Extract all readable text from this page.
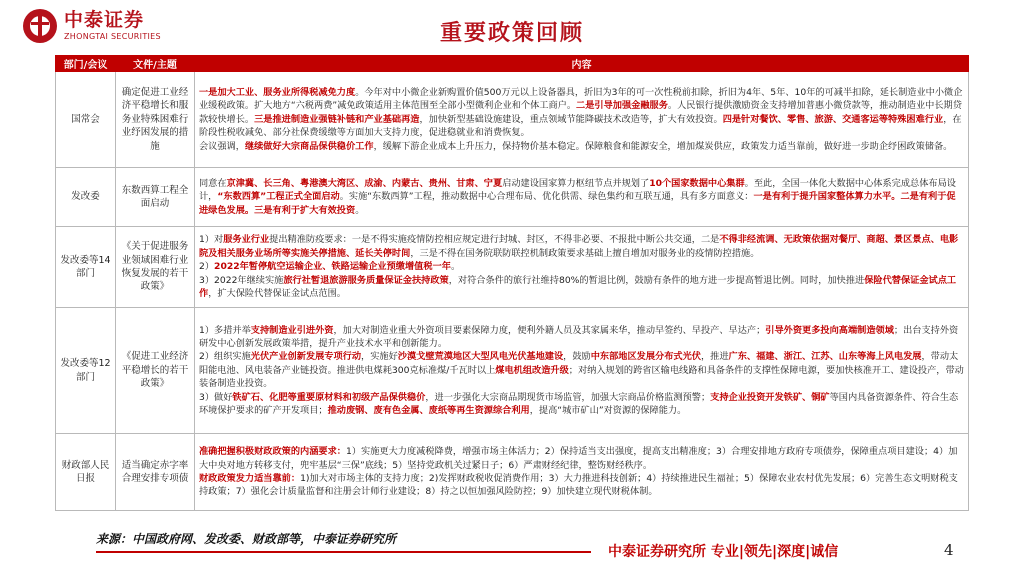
中泰证券
ZHONGTAI SECURITIES	重要政策回顾
部门/会议	文件/主题	内容
国常会	确定促进工业经济平稳增长和服务业特殊困难行业纾困发展的措施	一是加大工业、服务业所得税减免力度。今年对中小微企业新购置价值500万元以上设备器具，折旧为3年的可一次性税前扣除，折旧为4年、5年、10年的可减半扣除，延长制造业中小微企业缓税政策。扩大地方“六税两费”减免政策适用主体范围至全部小型微利企业和个体工商户。二是引导加强金融服务。人民银行提供激励资金支持增加普惠小微贷款等，推动制造业中长期贷款较快增长。三是推进制造业强链补链和产业基础再造，加快新型基础设施建设，重点领域节能降碳技术改造等，扩大有效投资。四是针对餐饮、零售、旅游、交通客运等特殊困难行业，在阶段性税收减免、部分社保费缓缴等方面加大支持力度，促进稳就业和消费恢复。
会议强调，继续做好大宗商品保供稳价工作，缓解下游企业成本上升压力，保持物价基本稳定。保障粮食和能源安全，增加煤炭供应，政策发力适当靠前，做好进一步助企纾困政策储备。
发改委	东数西算工程全面启动	同意在京津冀、长三角、粤港澳大湾区、成渝、内蒙古、贵州、甘肃、宁夏启动建设国家算力枢纽节点并规划了10个国家数据中心集群。至此，全国一体化大数据中心体系完成总体布局设计，“东数西算”工程正式全面启动。实施“东数西算”工程，推动数据中心合理布局、优化供需、绿色集约和互联互通，具有多方面意义：一是有利于提升国家整体算力水平。二是有利于促进绿色发展。三是有利于扩大有效投资。
发改委等14部门	《关于促进服务业领域困难行业恢复发展的若干政策》	1）对服务业行业提出精准防疫要求：一是不得实施疫情防控相应规定进行封城、封区，不得非必要、不报批中断公共交通，二是不得非经流调、无政策依据对餐厅、商超、景区景点、电影院及相关服务业场所等实施关停措施、延长关停时间，三是不得在国务院联防联控机制政策要求基础上擅自增加对服务业的疫情防控措施。
2）2022年暂停航空运输企业、铁路运输企业预缴增值税一年。
3）2022年继续实施旅行社暂退旅游服务质量保证金扶持政策，对符合条件的旅行社维持80%的暂退比例，鼓励有条件的地方进一步提高暂退比例。同时，加快推进保险代替保证金试点工作，扩大保险代替保证金试点范围。
发改委等12部门	《促进工业经济平稳增长的若干政策》	1）多措并举支持制造业引进外资，加大对制造业重大外资项目要素保障力度，便利外籍人员及其家属来华，推动早签约、早投产、早达产；引导外资更多投向高端制造领域；出台支持外资研发中心创新发展政策举措，提升产业技术水平和创新能力。
2）组织实施光伏产业创新发展专项行动，实施好沙漠戈壁荒漠地区大型风电光伏基地建设，鼓励中东部地区发展分布式光伏，推进广东、福建、浙江、江苏、山东等海上风电发展，带动太阳能电池、风电装备产业链投资。推进供电煤耗300克标准煤/千瓦时以上煤电机组改造升级；对纳入规划的跨省区输电线路和具备条件的支撑性保障电源，要加快核准开工、建设投产，带动装备制造业投资。
3）做好铁矿石、化肥等重要原材料和初级产品保供稳价，进一步强化大宗商品期现货市场监管，加强大宗商品价格监测预警；支持企业投资开发铁矿、铜矿等国内具备资源条件、符合生态环境保护要求的矿产开发项目；推动废钢、废有色金属、废纸等再生资源综合利用，提高“城市矿山”对资源的保障能力。
财政部人民日报	适当确定赤字率合理安排专项债	准确把握积极财政政策的内涵要求：1）实施更大力度减税降费，增强市场主体活力；2）保持适当支出强度，提高支出精准度；3）合理安排地方政府专项债券，保障重点项目建设；4）加大中央对地方转移支付，兜牢基层“三保”底线；5）坚持党政机关过紧日子；6）严肃财经纪律，整饬财经秩序。
财政政策发力适当靠前：1)加大对市场主体的支持力度；2)发挥财政税收促消费作用；3）大力推进科技创新；4）持续推进民生福祉；5）保障农业农村优先发展；6）完善生态文明财税支持政策；7）强化会计质量监督和注册会计师行业建设；8）持之以恒加强风险防控；9）加快建立现代财税体制。
来源：中国政府网、发改委、财政部等，中泰证券研究所
中泰证券研究所 专业|领先|深度|诚信	4
